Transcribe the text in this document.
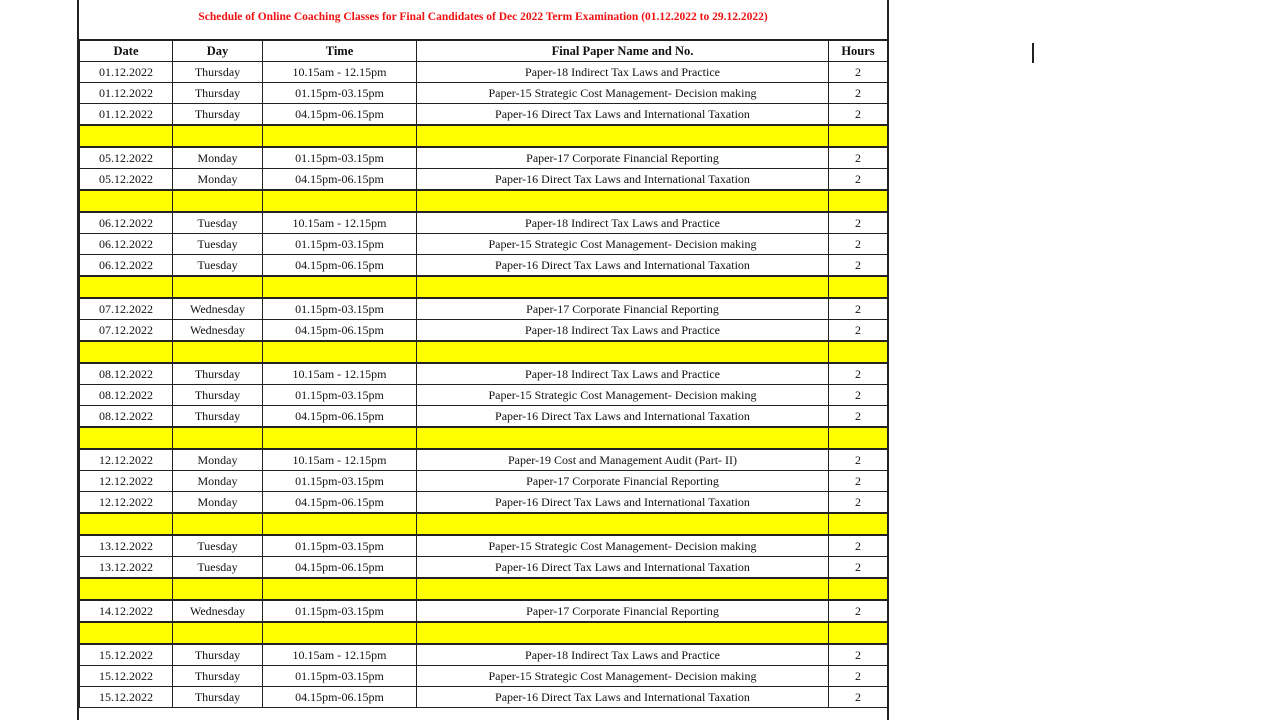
Schedule of Online Coaching Classes for Final Candidates of Dec 2022 Term Examination (01.12.2022 to 29.12.2022)
Date	Day	Time	Final Paper Name and No.	Hours
01.12.2022	Thursday	10.15am - 12.15pm	Paper-18 Indirect Tax Laws and Practice	2
01.12.2022	Thursday	01.15pm-03.15pm	Paper-15 Strategic Cost Management- Decision making	2
01.12.2022	Thursday	04.15pm-06.15pm	Paper-16 Direct Tax Laws and International Taxation	2

05.12.2022	Monday	01.15pm-03.15pm	Paper-17 Corporate Financial Reporting	2
05.12.2022	Monday	04.15pm-06.15pm	Paper-16 Direct Tax Laws and International Taxation	2

06.12.2022	Tuesday	10.15am - 12.15pm	Paper-18 Indirect Tax Laws and Practice	2
06.12.2022	Tuesday	01.15pm-03.15pm	Paper-15 Strategic Cost Management- Decision making	2
06.12.2022	Tuesday	04.15pm-06.15pm	Paper-16 Direct Tax Laws and International Taxation	2

07.12.2022	Wednesday	01.15pm-03.15pm	Paper-17 Corporate Financial Reporting	2
07.12.2022	Wednesday	04.15pm-06.15pm	Paper-18 Indirect Tax Laws and Practice	2

08.12.2022	Thursday	10.15am - 12.15pm	Paper-18 Indirect Tax Laws and Practice	2
08.12.2022	Thursday	01.15pm-03.15pm	Paper-15 Strategic Cost Management- Decision making	2
08.12.2022	Thursday	04.15pm-06.15pm	Paper-16 Direct Tax Laws and International Taxation	2

12.12.2022	Monday	10.15am - 12.15pm	Paper-19 Cost and Management Audit (Part- II)	2
12.12.2022	Monday	01.15pm-03.15pm	Paper-17 Corporate Financial Reporting	2
12.12.2022	Monday	04.15pm-06.15pm	Paper-16 Direct Tax Laws and International Taxation	2

13.12.2022	Tuesday	01.15pm-03.15pm	Paper-15 Strategic Cost Management- Decision making	2
13.12.2022	Tuesday	04.15pm-06.15pm	Paper-16 Direct Tax Laws and International Taxation	2

14.12.2022	Wednesday	01.15pm-03.15pm	Paper-17 Corporate Financial Reporting	2

15.12.2022	Thursday	10.15am - 12.15pm	Paper-18 Indirect Tax Laws and Practice	2
15.12.2022	Thursday	01.15pm-03.15pm	Paper-15 Strategic Cost Management- Decision making	2
15.12.2022	Thursday	04.15pm-06.15pm	Paper-16 Direct Tax Laws and International Taxation	2
